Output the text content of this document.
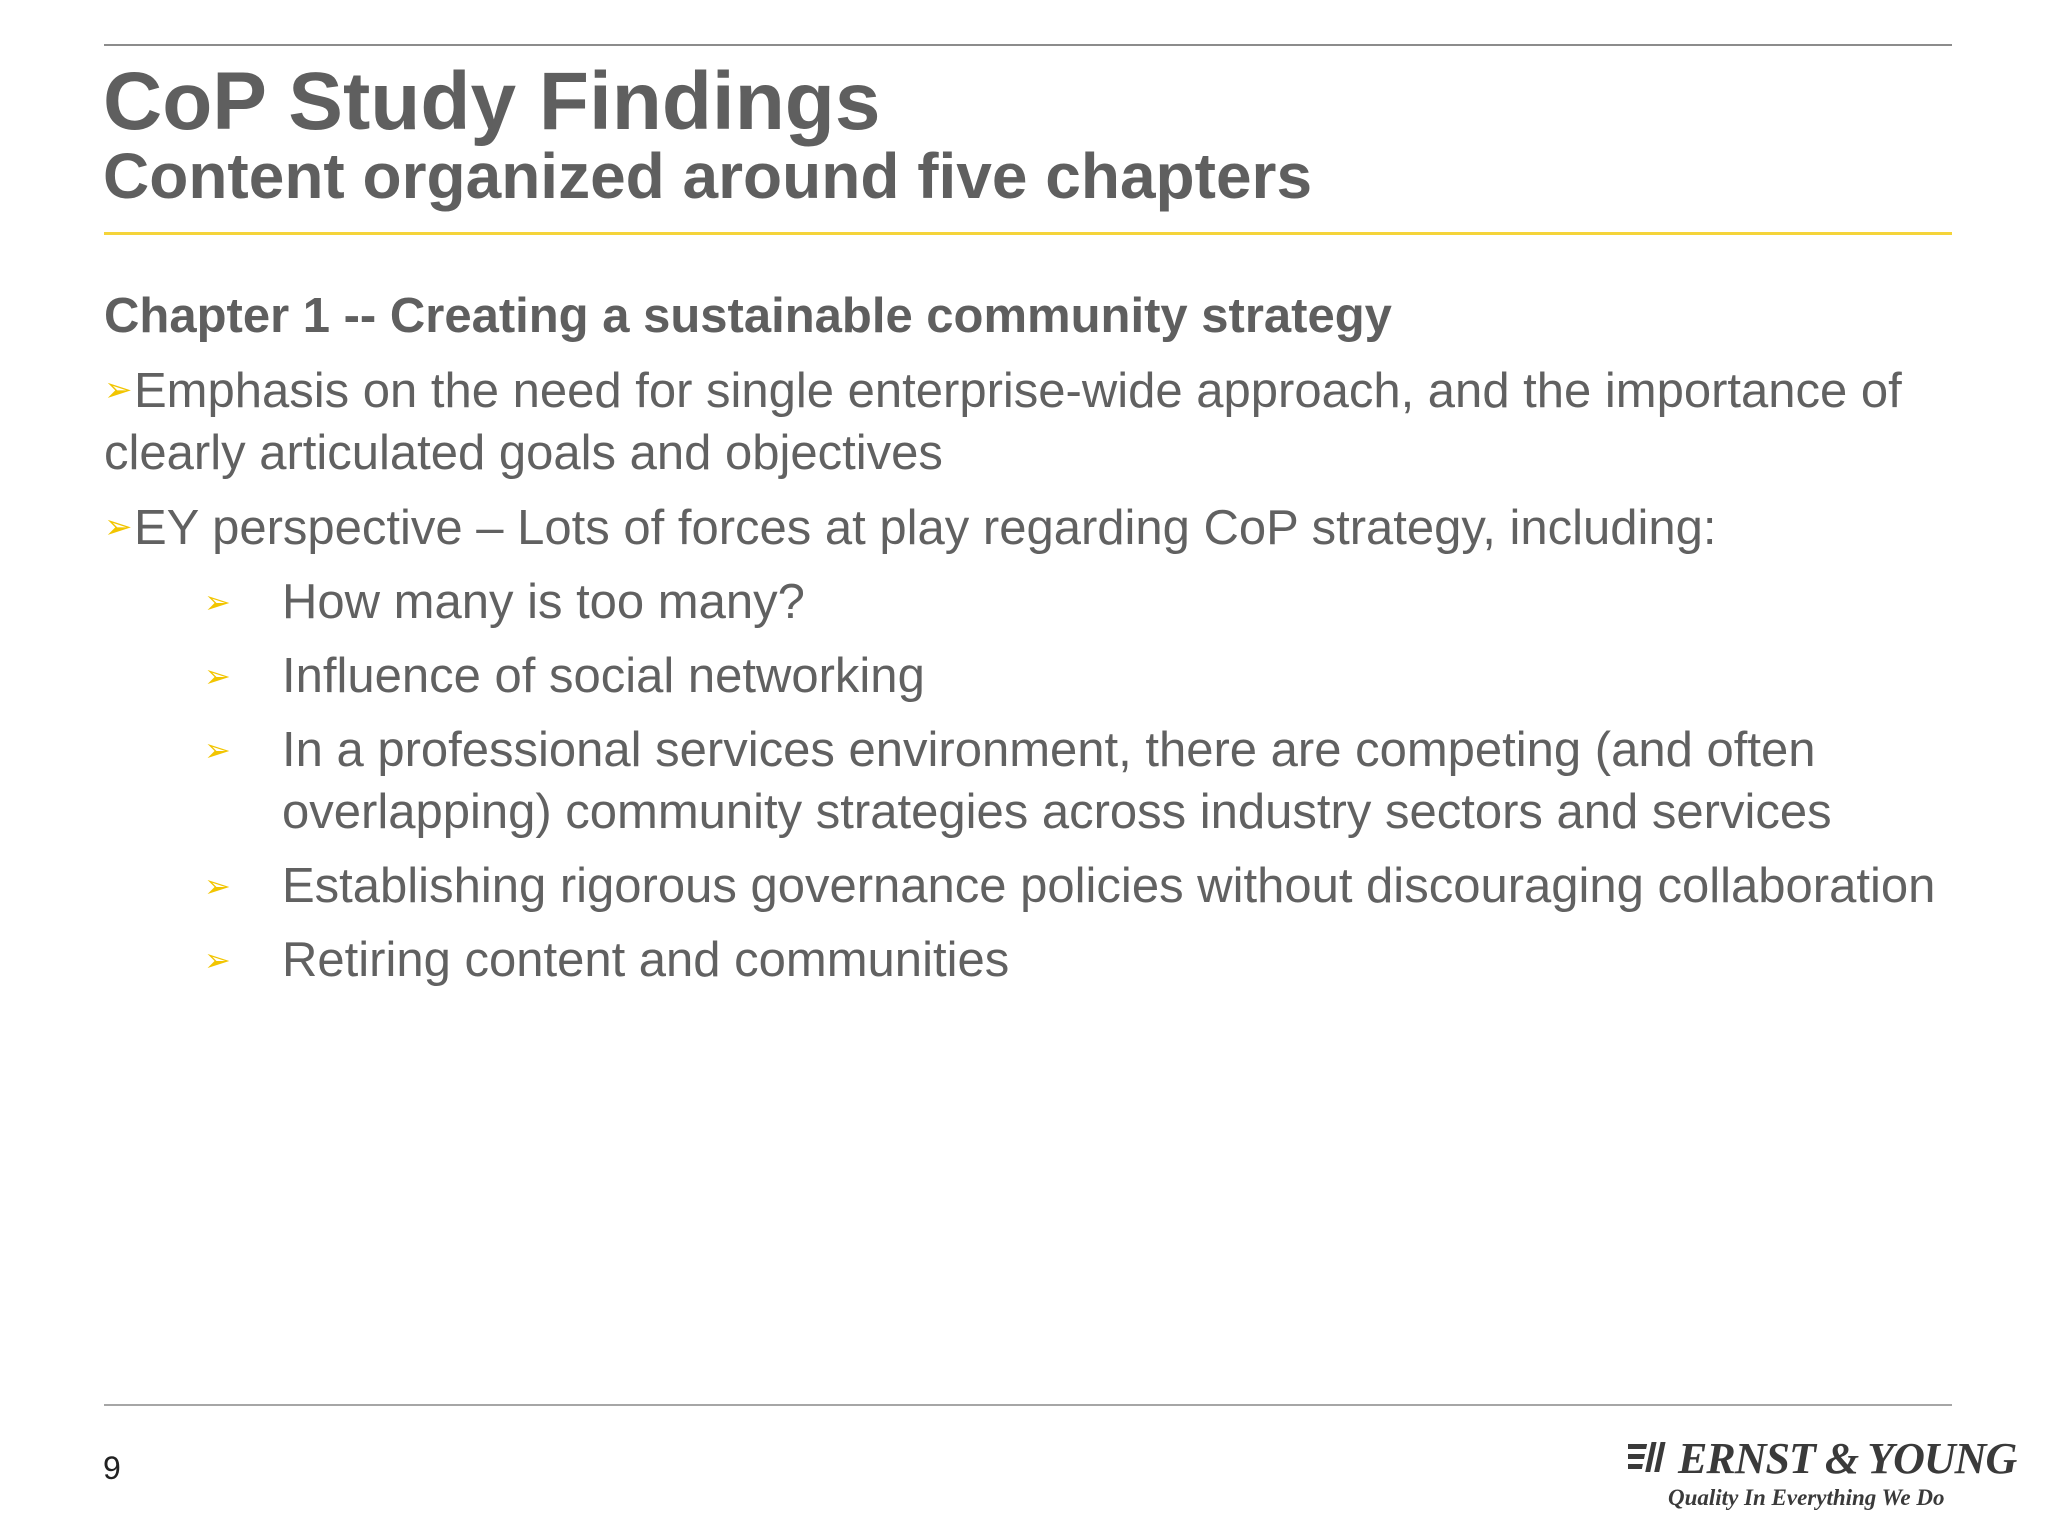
CoP Study Findings
Content organized around five chapters

Chapter 1 -- Creating a sustainable community strategy

➢Emphasis on the need for single enterprise-wide approach, and the importance of clearly articulated goals and objectives

➢EY perspective – Lots of forces at play regarding CoP strategy, including:

➢ How many is too many?
➢ Influence of social networking
➢ In a professional services environment, there are competing (and often overlapping) community strategies across industry sectors and services
➢ Establishing rigorous governance policies without discouraging collaboration
➢ Retiring content and communities
9	ERNST & YOUNG
Quality In Everything We Do
